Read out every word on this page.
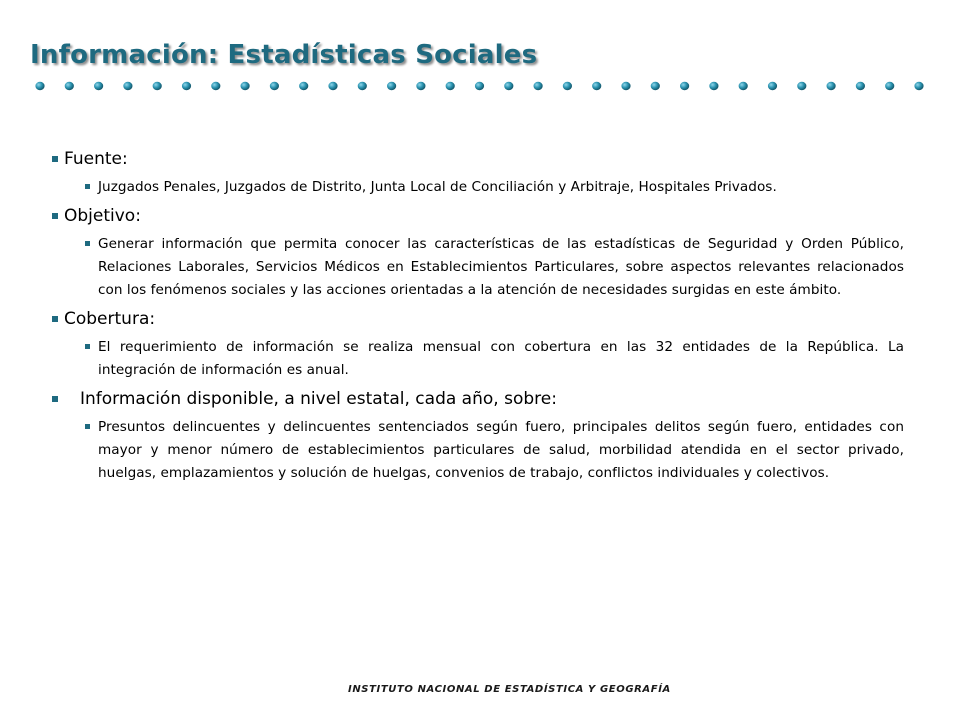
Información: Estadísticas Sociales
Fuente:
Juzgados Penales, Juzgados de Distrito, Junta Local de Conciliación y Arbitraje, Hospitales Privados.
Objetivo:
Generar información que permita conocer las características de las estadísticas de Seguridad y Orden Público, Relaciones Laborales, Servicios Médicos en Establecimientos Particulares, sobre aspectos relevantes relacionados con los fenómenos sociales y las acciones orientadas a la atención de necesidades surgidas en este ámbito.
Cobertura:
El requerimiento de información se realiza mensual con cobertura en las 32 entidades de la República. La integración de información es anual.
Información disponible, a nivel estatal, cada año, sobre:
Presuntos delincuentes y delincuentes sentenciados según fuero, principales delitos según fuero, entidades con mayor y menor número de establecimientos particulares de salud, morbilidad atendida en el sector privado, huelgas, emplazamientos y solución de huelgas, convenios de trabajo, conflictos individuales y colectivos.
INSTITUTO NACIONAL DE ESTADÍSTICA Y GEOGRAFÍA
